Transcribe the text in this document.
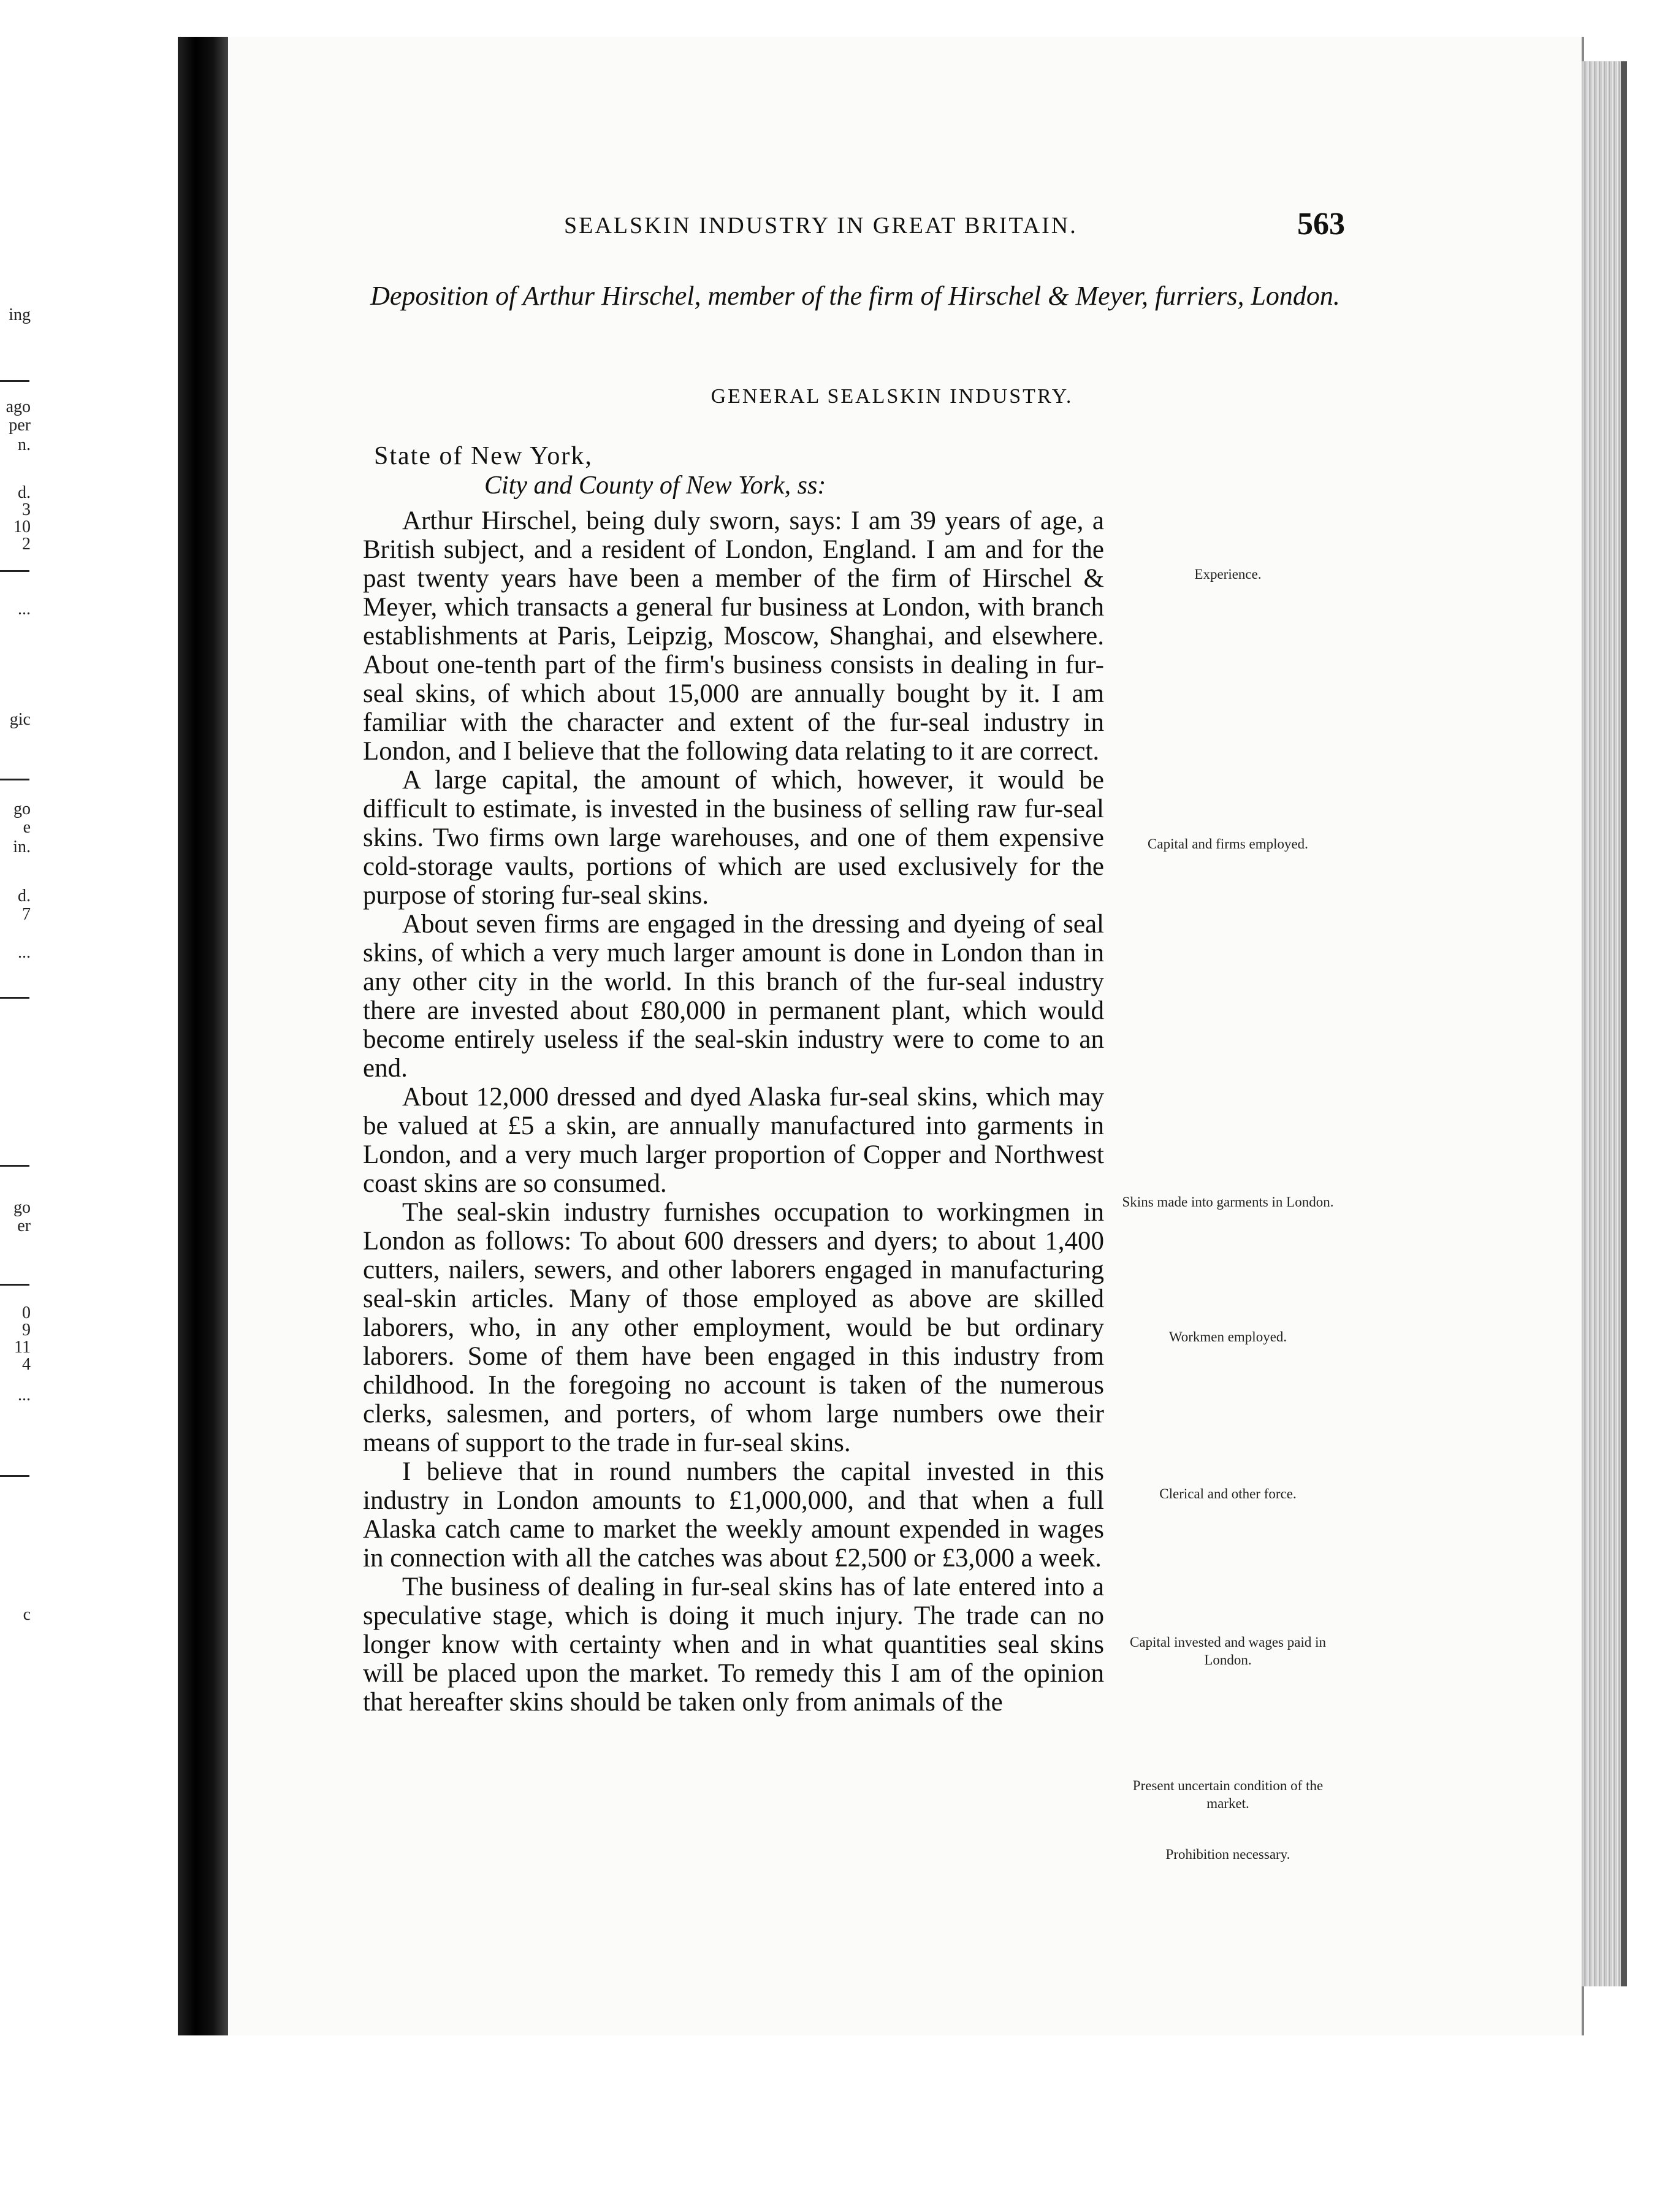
ing
ago
per
n.
d.
3
10
2
...
gic
go
e
in.
d.
7
...
go
er
0
9
11
4
...
c
SEALSKIN INDUSTRY IN GREAT BRITAIN.	563
Deposition of Arthur Hirschel, member of the firm of Hirschel & Meyer, furriers, London.
GENERAL SEALSKIN INDUSTRY.
State of New York,
City and County of New York, ss:

Arthur Hirschel, being duly sworn, says: I am 39 years of age, a British subject, and a resident of London, England. I am and for the past twenty years have been a member of the firm of Hirschel & Meyer, which transacts a general fur business at London, with branch establishments at Paris, Leipzig, Moscow, Shanghai, and elsewhere. About one-tenth part of the firm's business consists in dealing in fur-seal skins, of which about 15,000 are annually bought by it. I am familiar with the character and extent of the fur-seal industry in London, and I believe that the following data relating to it are correct.

A large capital, the amount of which, however, it would be difficult to estimate, is invested in the business of selling raw fur-seal skins. Two firms own large warehouses, and one of them expensive cold-storage vaults, portions of which are used exclusively for the purpose of storing fur-seal skins.

About seven firms are engaged in the dressing and dyeing of seal skins, of which a very much larger amount is done in London than in any other city in the world. In this branch of the fur-seal industry there are invested about £80,000 in permanent plant, which would become entirely useless if the seal-skin industry were to come to an end.

About 12,000 dressed and dyed Alaska fur-seal skins, which may be valued at £5 a skin, are annually manufactured into garments in London, and a very much larger proportion of Copper and Northwest coast skins are so consumed.

The seal-skin industry furnishes occupation to workingmen in London as follows: To about 600 dressers and dyers; to about 1,400 cutters, nailers, sewers, and other laborers engaged in manufacturing seal-skin articles. Many of those employed as above are skilled laborers, who, in any other employment, would be but ordinary laborers. Some of them have been engaged in this industry from childhood. In the foregoing no account is taken of the numerous clerks, salesmen, and porters, of whom large numbers owe their means of support to the trade in fur-seal skins.

I believe that in round numbers the capital invested in this industry in London amounts to £1,000,000, and that when a full Alaska catch came to market the weekly amount expended in wages in connection with all the catches was about £2,500 or £3,000 a week.

The business of dealing in fur-seal skins has of late entered into a speculative stage, which is doing it much injury. The trade can no longer know with certainty when and in what quantities seal skins will be placed upon the market. To remedy this I am of the opinion that hereafter skins should be taken only from animals of the

Experience.
Capital and firms employed.
Skins made into garments in London.
Workmen employed.
Clerical and other force.
Capital invested and wages paid in London.
Present uncertain condition of the market.
Prohibition necessary.
